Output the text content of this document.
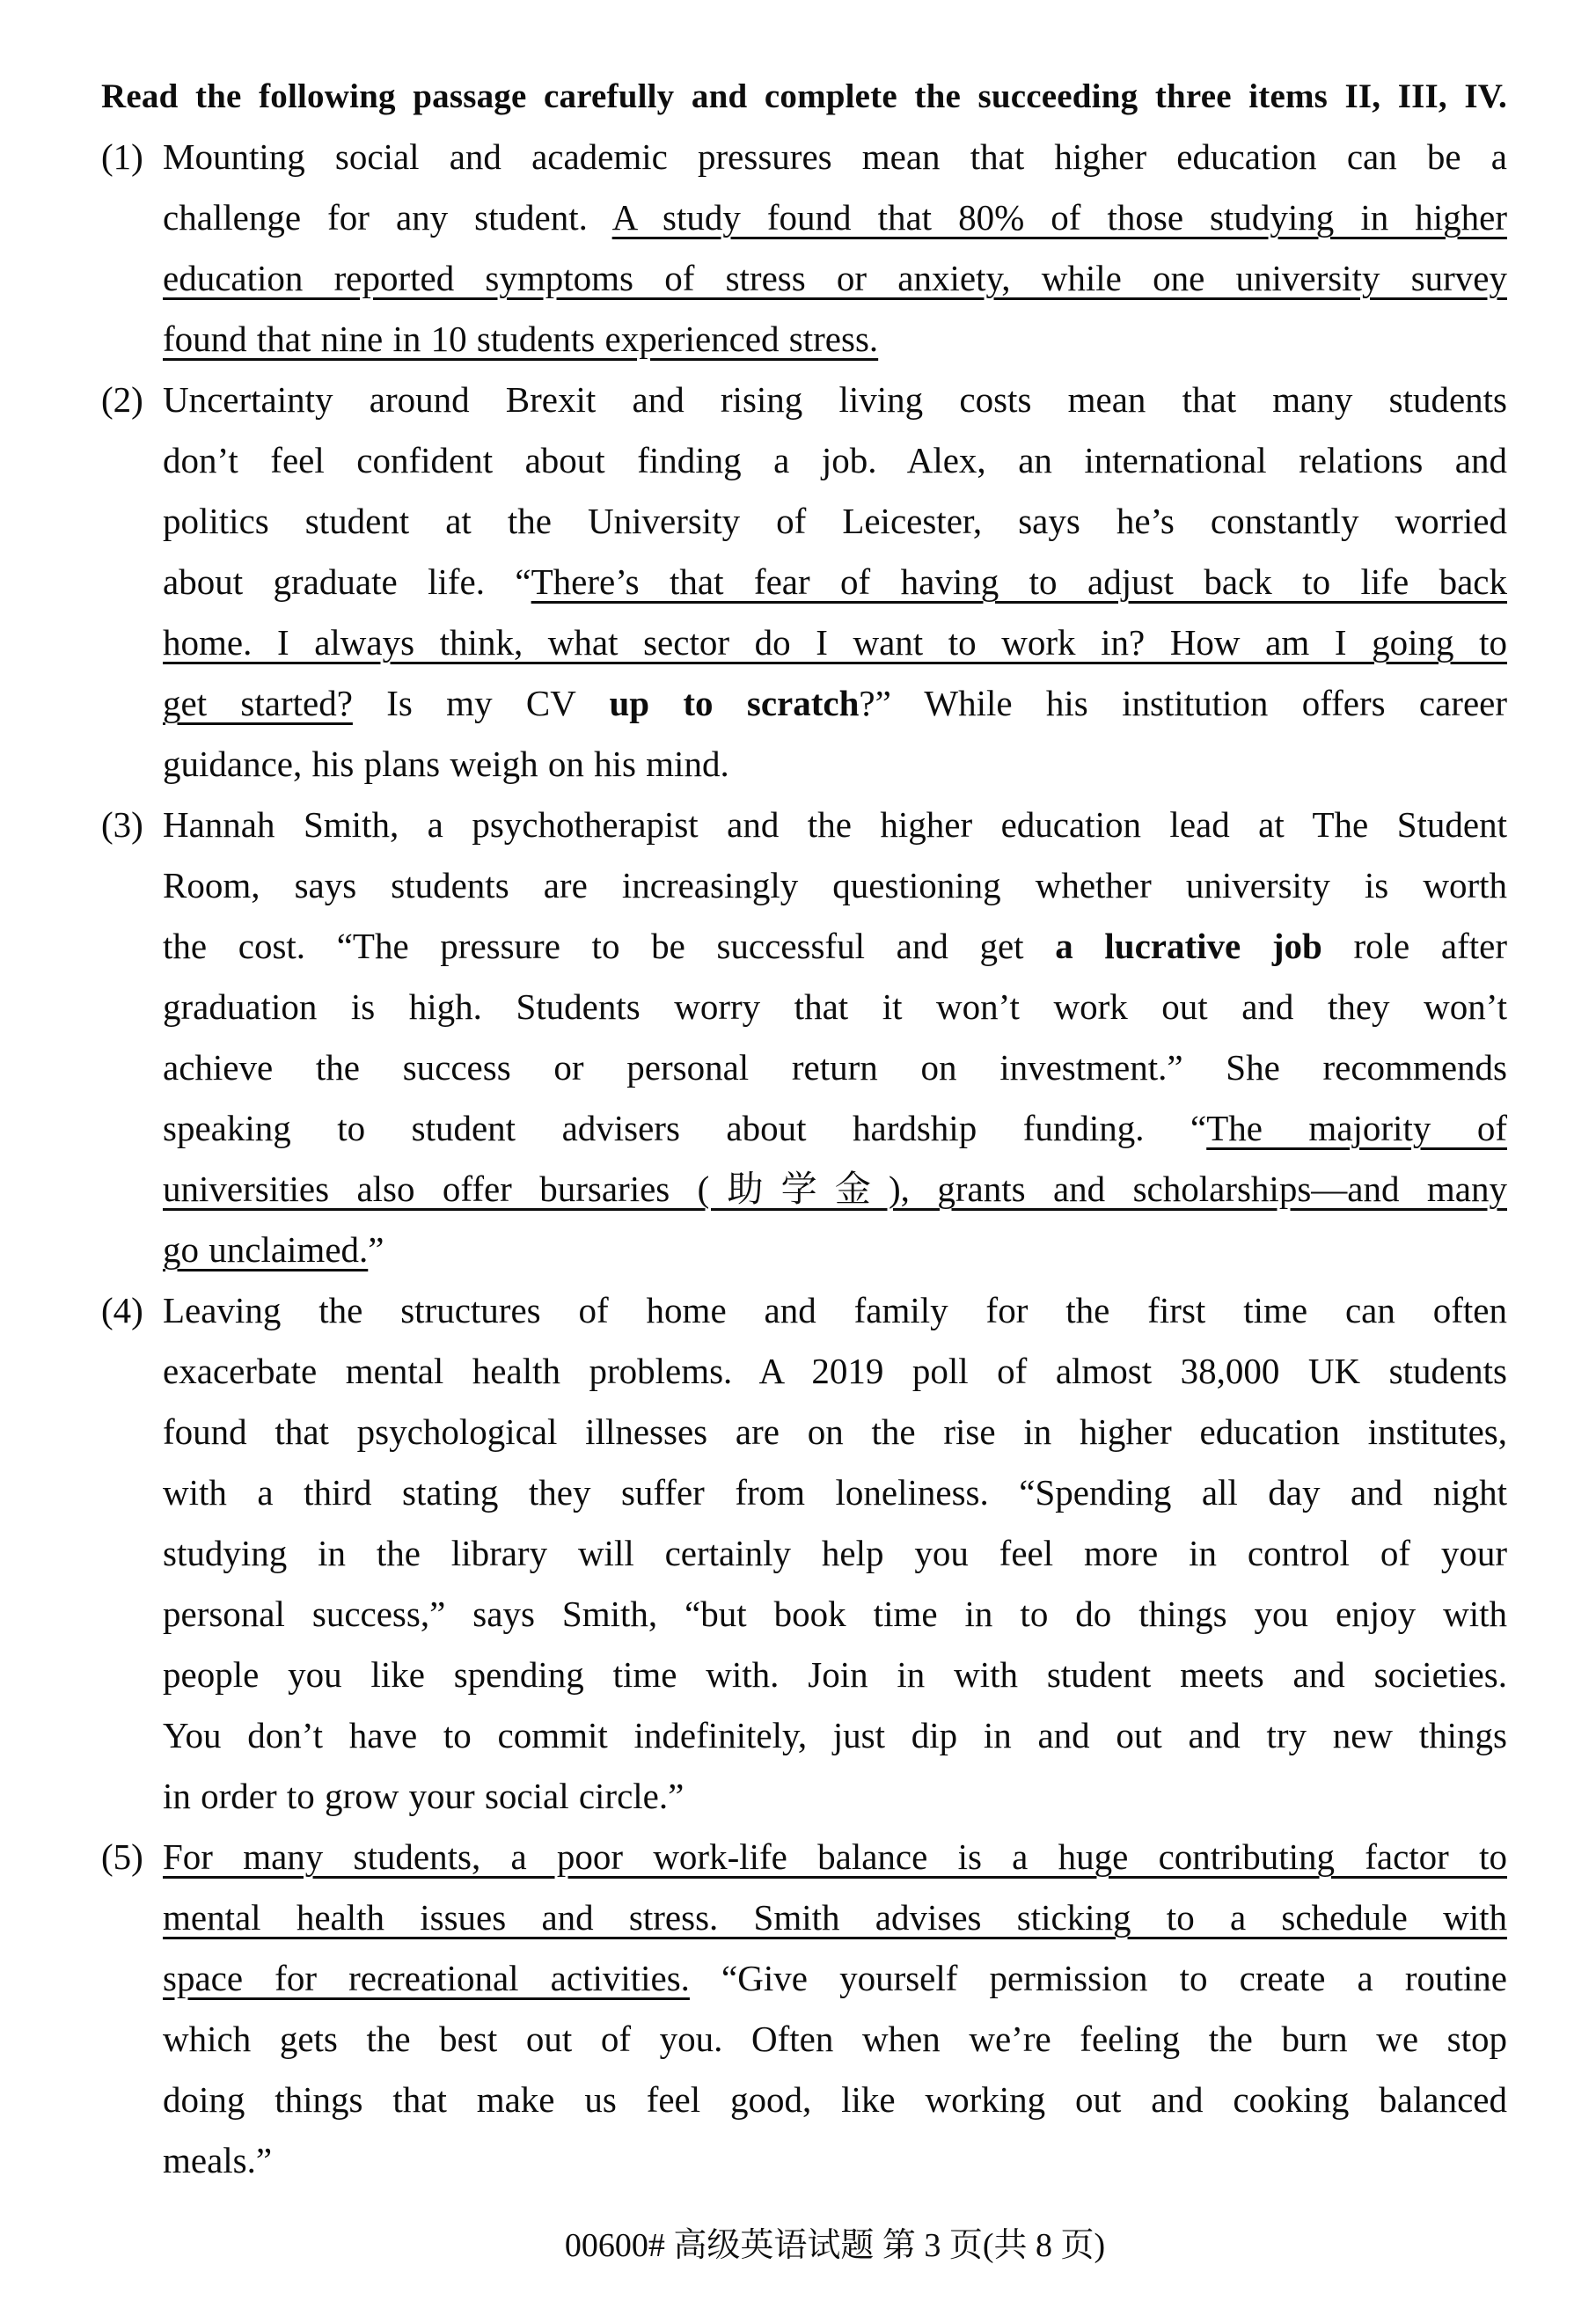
Read the following passage carefully and complete the succeeding three items II, III, IV.
(1) Mounting social and academic pressures mean that higher education can be a
challenge for any student. A study found that 80% of those studying in higher
education reported symptoms of stress or anxiety, while one university survey
found that nine in 10 students experienced stress.
(2) Uncertainty around Brexit and rising living costs mean that many students
don’t feel confident about finding a job. Alex, an international relations and
politics student at the University of Leicester, says he’s constantly worried
about graduate life. “There’s that fear of having to adjust back to life back
home. I always think, what sector do I want to work in? How am I going to
get started? Is my CV up to scratch?” While his institution offers career
guidance, his plans weigh on his mind.
(3) Hannah Smith, a psychotherapist and the higher education lead at The Student
Room, says students are increasingly questioning whether university is worth
the cost. “The pressure to be successful and get a lucrative job role after
graduation is high. Students worry that it won’t work out and they won’t
achieve the success or personal return on investment.” She recommends
speaking to student advisers about hardship funding. “The majority of
universities also offer bursaries (助学金), grants and scholarships—and many
go unclaimed.”
(4) Leaving the structures of home and family for the first time can often
exacerbate mental health problems. A 2019 poll of almost 38,000 UK students
found that psychological illnesses are on the rise in higher education institutes,
with a third stating they suffer from loneliness. “Spending all day and night
studying in the library will certainly help you feel more in control of your
personal success,” says Smith, “but book time in to do things you enjoy with
people you like spending time with. Join in with student meets and societies.
You don’t have to commit indefinitely, just dip in and out and try new things
in order to grow your social circle.”
(5) For many students, a poor work-life balance is a huge contributing factor to
mental health issues and stress. Smith advises sticking to a schedule with
space for recreational activities. “Give yourself permission to create a routine
which gets the best out of you. Often when we’re feeling the burn we stop
doing things that make us feel good, like working out and cooking balanced
meals.”
00600# 高级英语试题 第 3 页(共 8 页)
